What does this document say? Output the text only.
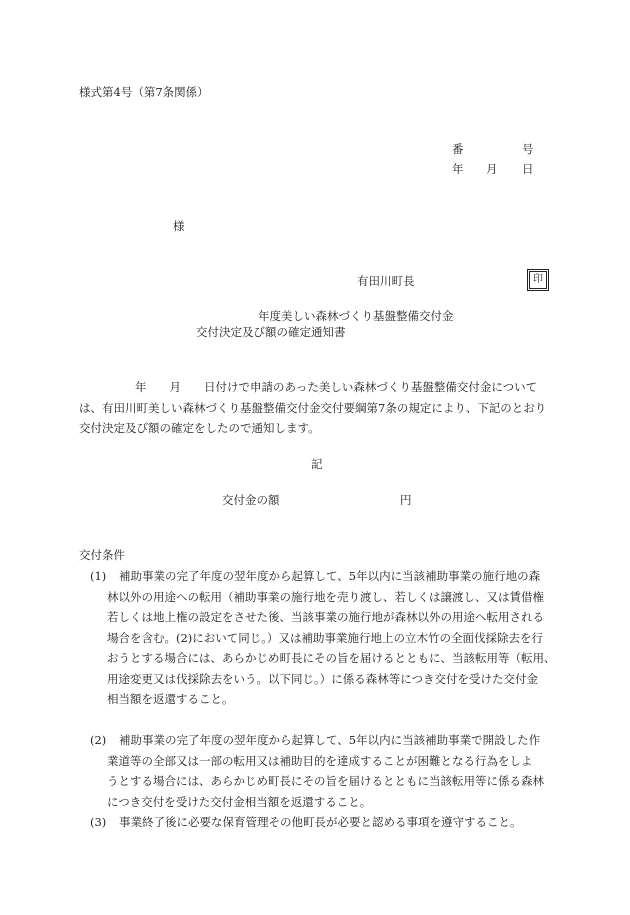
様式第4号（第7条関係）
番	号
年 月 日
様
有田川町長	印
年度美しい森林づくり基盤整備交付金
交付決定及び額の確定通知書
年　　月　　日付けで申請のあった美しい森林づくり基盤整備交付金については、有田川町美しい森林づくり基盤整備交付金交付要綱第7条の規定により、下記のとおり
交付決定及び額の確定をしたので通知します。
記
交付金の額	円
交付条件
(1) 補助事業の完了年度の翌年度から起算して、5年以内に当該補助事業の施行地の森
林以外の用途への転用（補助事業の施行地を売り渡し、若しくは譲渡し、又は賃借権
若しくは地上権の設定をさせた後、当該事業の施行地が森林以外の用途へ転用される
場合を含む。(2)において同じ。）又は補助事業施行地上の立木竹の全面伐採除去を行
おうとする場合には、あらかじめ町長にその旨を届けるとともに、当該転用等（転用、
用途変更又は伐採除去をいう。以下同じ。）に係る森林等につき交付を受けた交付金
相当額を返還すること。
(2) 補助事業の完了年度の翌年度から起算して、5年以内に当該補助事業で開設した作
業道等の全部又は一部の転用又は補助目的を達成することが困難となる行為をしよ
うとする場合には、あらかじめ町長にその旨を届けるとともに当該転用等に係る森林
につき交付を受けた交付金相当額を返還すること。
(3) 事業終了後に必要な保育管理その他町長が必要と認める事項を遵守すること。
